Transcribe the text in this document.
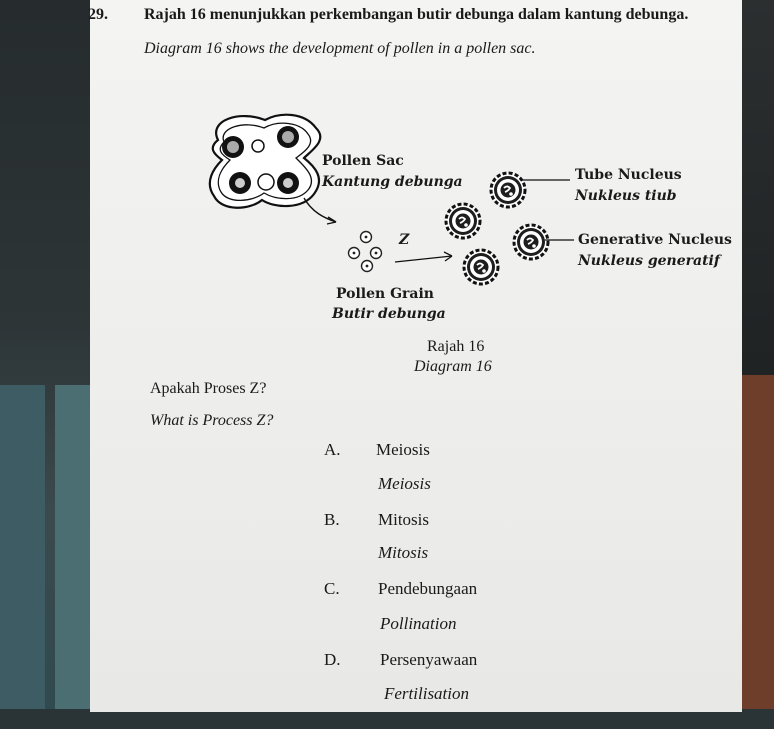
29. Rajah 16 menunjukkan perkembangan butir debunga dalam kantung debunga.
Diagram 16 shows the development of pollen in a pollen sac.
Pollen Sac
Kantung debunga
Z
Pollen Grain
Butir debunga
Tube Nucleus
Nukleus tiub
Generative Nucleus
Nukleus generatif
Rajah 16
Diagram 16
Apakah Proses Z?
What is Process Z?
A. Meiosis
Meiosis
B. Mitosis
Mitosis
C. Pendebungaan
Pollination
D. Persenyawaan
Fertilisation
